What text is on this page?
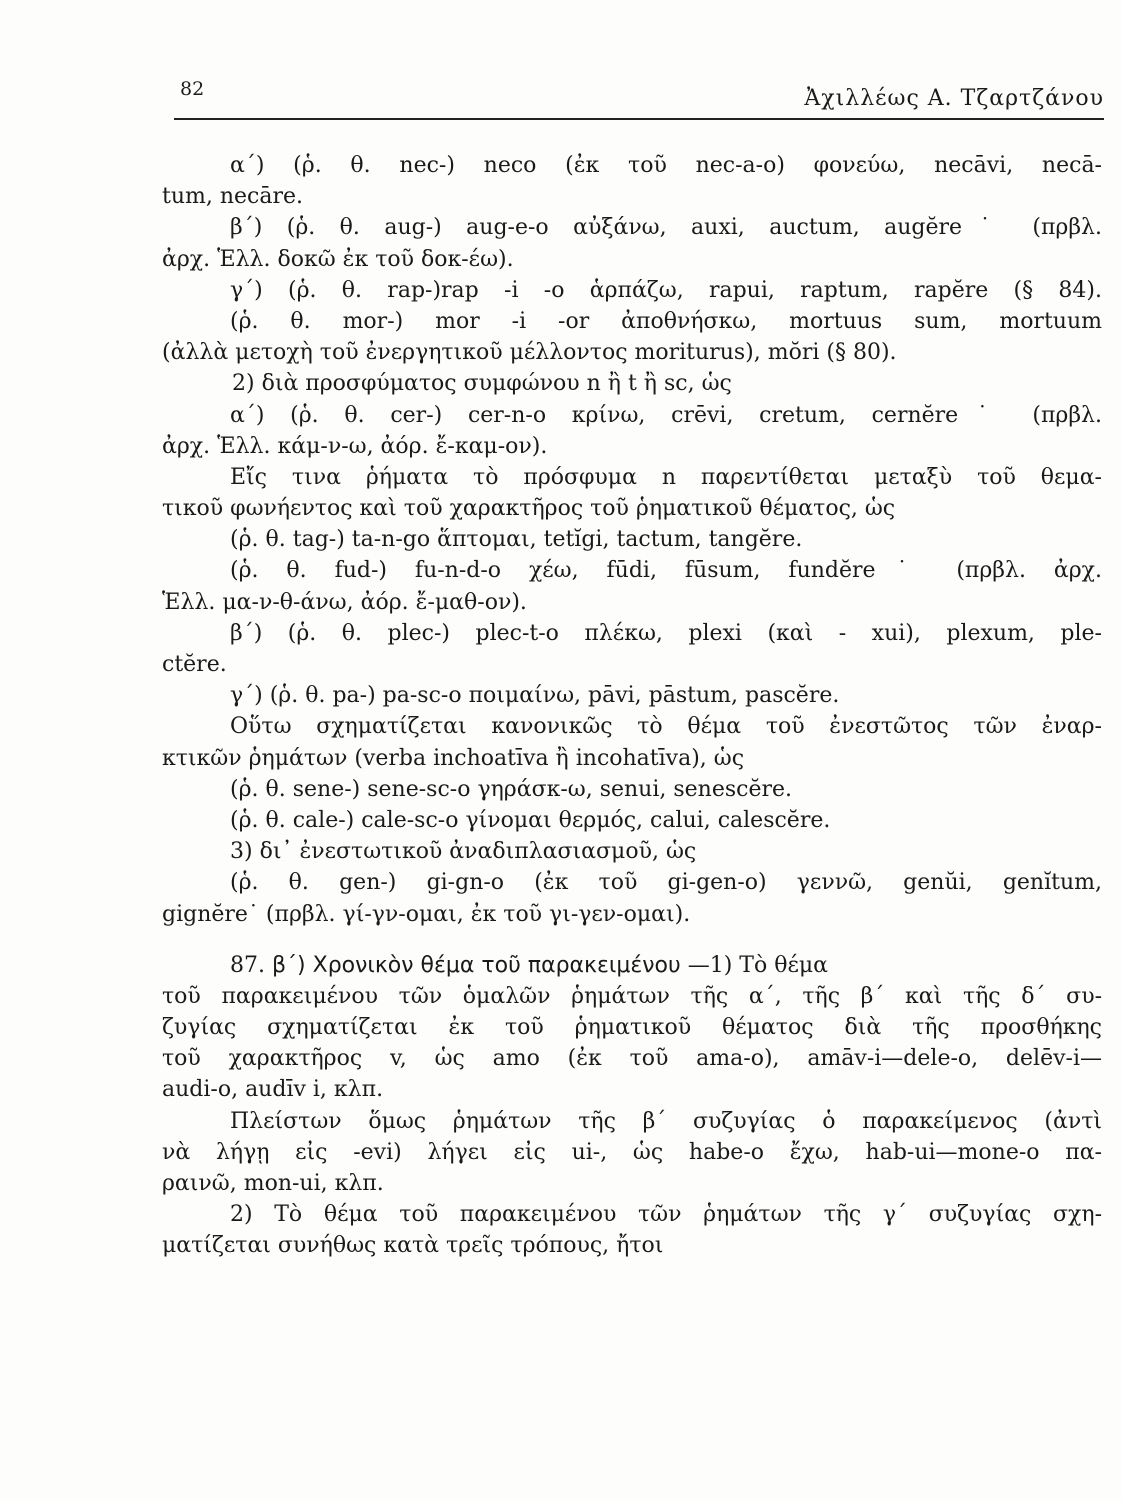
82	Ἀχιλλέως Α. Τζαρτζάνου
α΄) (ῥ. θ. nec-) neco (ἐκ τοῦ nec-a-o) φονεύω, necāvi, necā-
tum, necāre.
β΄) (ῥ. θ. aug-) aug-e-o αὐξάνω, auxi, auctum, augĕre˙ (πρβλ.
ἀρχ. Ἑλλ. δοκῶ ἐκ τοῦ δοκ-έω).
γ΄) (ῥ. θ. rap-)rap -i -o ἁρπάζω, rapui, raptum, rapĕre (§ 84).
(ῥ. θ. mor-) mor -i -or ἀποθνήσκω, mortuus sum, mortuum
(ἀλλὰ μετοχὴ τοῦ ἐνεργητικοῦ μέλλοντος moriturus), mŏri (§ 80).
2) διὰ προσφύματος συμφώνου n ἢ t ἢ sc, ὡς
α΄) (ῥ. θ. cer-) cer-n-o κρίνω, crēvi, cretum, cernĕre˙ (πρβλ.
ἀρχ. Ἑλλ. κάμ-ν-ω, ἀόρ. ἔ-καμ-ον).
Εἴς τινα ῥήματα τὸ πρόσφυμα n παρεντίθεται μεταξὺ τοῦ θεμα-
τικοῦ φωνήεντος καὶ τοῦ χαρακτῆρος τοῦ ῥηματικοῦ θέματος, ὡς
(ῥ. θ. tag-) ta-n-go ἅπτομαι, tetĭgi, tactum, tangĕre.
(ῥ. θ. fud-) fu-n-d-o χέω, fūdi, fūsum, fundĕre˙ (πρβλ. ἀρχ.
Ἑλλ. μα-ν-θ-άνω, ἀόρ. ἔ-μαθ-ον).
β΄) (ῥ. θ. plec-) plec-t-o πλέκω, plexi (καὶ - xui), plexum, ple-
ctĕre.
γ΄) (ῥ. θ. pa-) pa-sc-o ποιμαίνω, pāvi, pāstum, pascĕre.
Οὕτω σχηματίζεται κανονικῶς τὸ θέμα τοῦ ἐνεστῶτος τῶν ἐναρ-
κτικῶν ῥημάτων (verba inchoatīva ἢ incohatīva), ὡς
(ῥ. θ. sene-) sene-sc-o γηράσκ-ω, senui, senescĕre.
(ῥ. θ. cale-) cale-sc-o γίνομαι θερμός, calui, calescĕre.
3) δι᾽ ἐνεστωτικοῦ ἀναδιπλασιασμοῦ, ὡς
(ῥ. θ. gen-) gi-gn-o (ἐκ τοῦ gi-gen-o) γεννῶ, genŭi, genĭtum,
gignĕre˙ (πρβλ. γί-γν-ομαι, ἐκ τοῦ γι-γεν-ομαι).
87. β΄) Χρονικὸν θέμα τοῦ παρακειμένου —1) Τὸ θέμα
τοῦ παρακειμένου τῶν ὁμαλῶν ῥημάτων τῆς α΄, τῆς β΄ καὶ τῆς δ΄ συ-
ζυγίας σχηματίζεται ἐκ τοῦ ῥηματικοῦ θέματος διὰ τῆς προσθήκης
τοῦ χαρακτῆρος v, ὡς amo (ἐκ τοῦ ama-o), amāv-i—dele-o, delēv-i—
audi-o, audīv i, κλπ.
Πλείστων ὅμως ῥημάτων τῆς β΄ συζυγίας ὁ παρακείμενος (ἀντὶ
νὰ λήγῃ εἰς -evi) λήγει εἰς ui-, ὡς habe-o ἔχω, hab-ui—mone-o πα-
ραινῶ, mon-ui, κλπ.
2) Τὸ θέμα τοῦ παρακειμένου τῶν ῥημάτων τῆς γ΄ συζυγίας σχη-
ματίζεται συνήθως κατὰ τρεῖς τρόπους, ἤτοι
